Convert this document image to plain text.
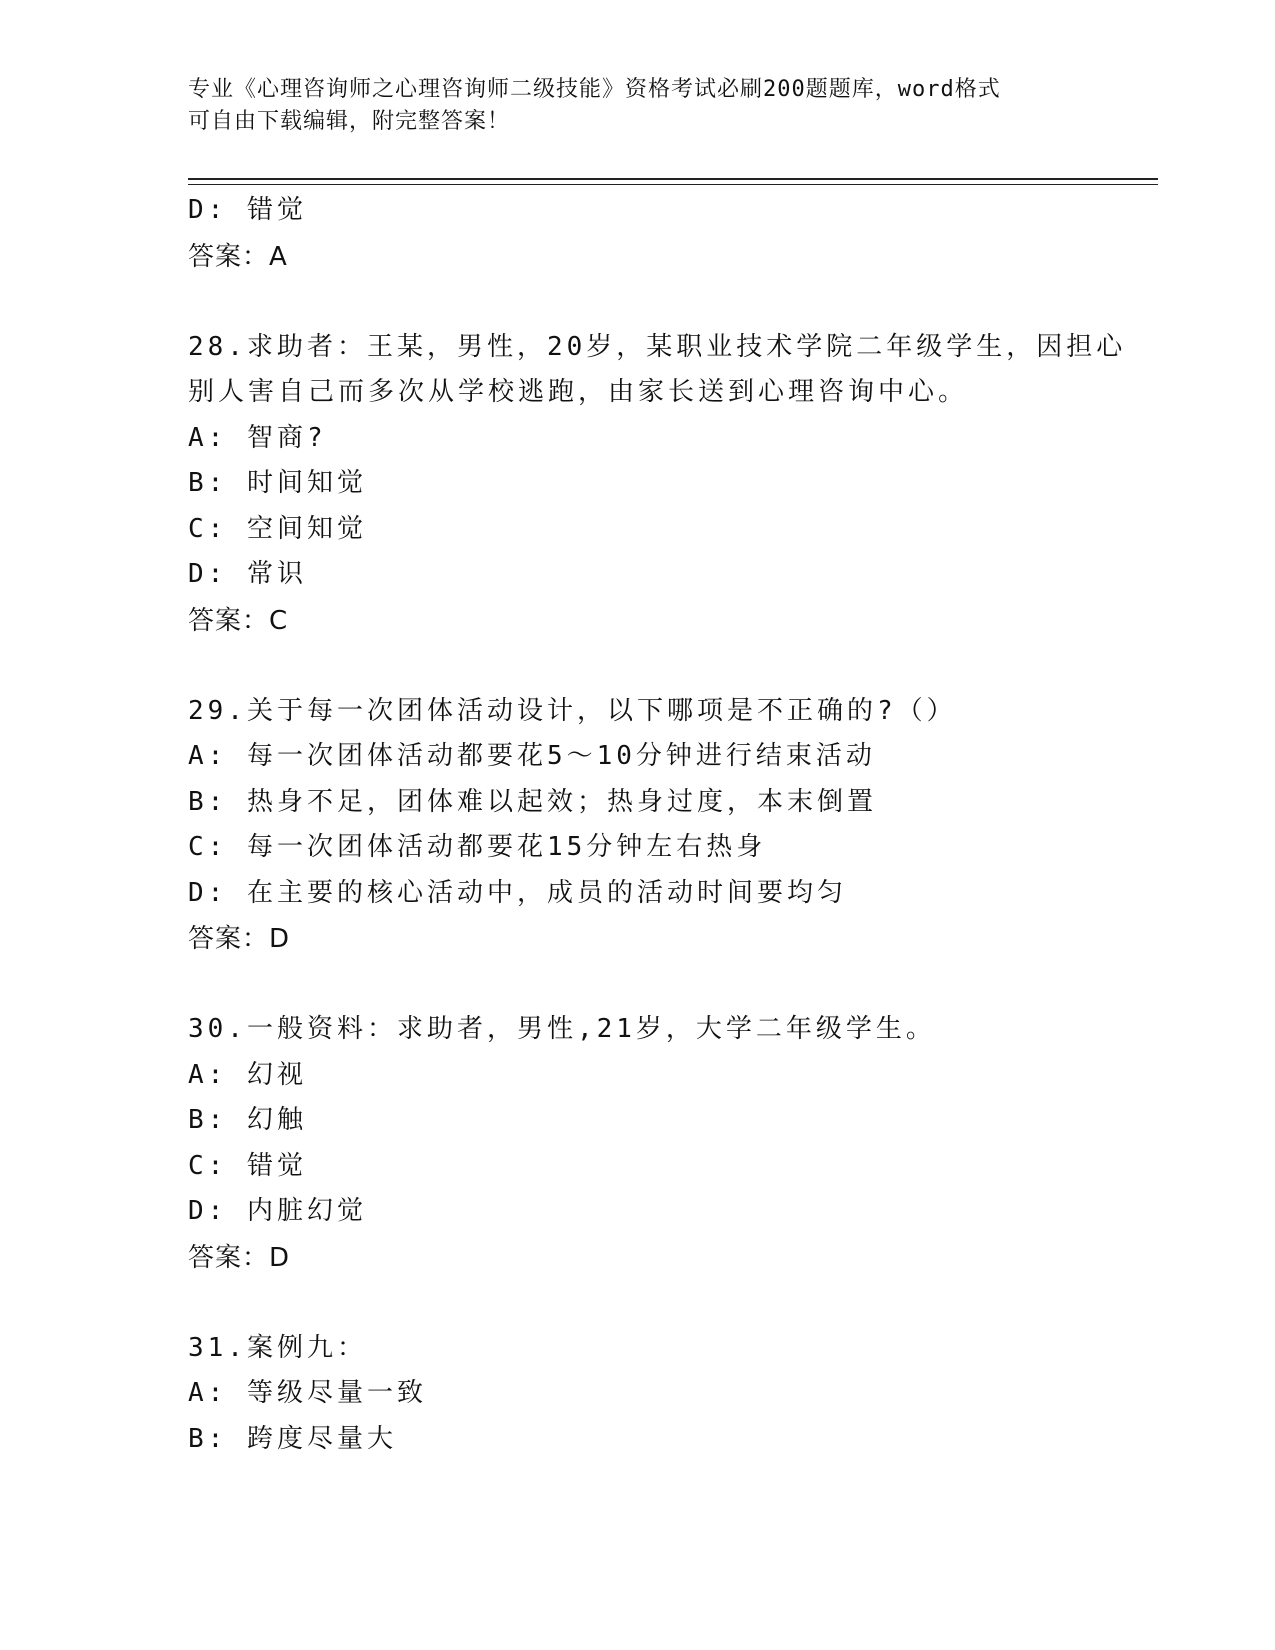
专业《心理咨询师之心理咨询师二级技能》资格考试必刷200题题库，word格式
可自由下载编辑，附完整答案！
D: 错觉
答案：A
28.求助者：王某，男性，20岁，某职业技术学院二年级学生，因担心
别人害自己而多次从学校逃跑，由家长送到心理咨询中心。
A: 智商?
B: 时间知觉
C: 空间知觉
D: 常识
答案：C
29.关于每一次团体活动设计，以下哪项是不正确的?（）
A: 每一次团体活动都要花5～10分钟进行结束活动
B: 热身不足，团体难以起效；热身过度，本末倒置
C: 每一次团体活动都要花15分钟左右热身
D: 在主要的核心活动中，成员的活动时间要均匀
答案：D
30.一般资料：求助者，男性,21岁，大学二年级学生。
A: 幻视
B: 幻触
C: 错觉
D: 内脏幻觉
答案：D
31.案例九：
A: 等级尽量一致
B: 跨度尽量大
